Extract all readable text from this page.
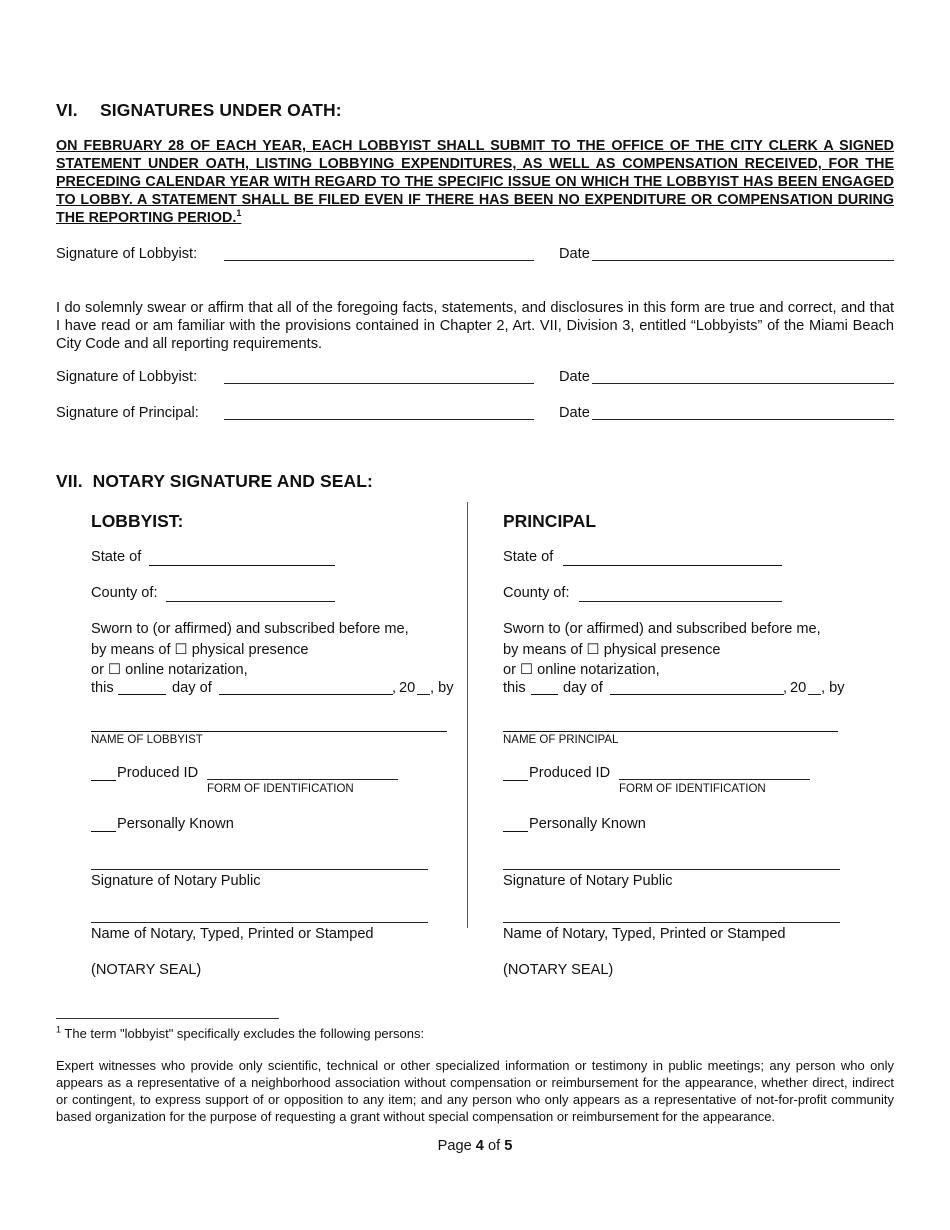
VI. SIGNATURES UNDER OATH:
ON FEBRUARY 28 OF EACH YEAR, EACH LOBBYIST SHALL SUBMIT TO THE OFFICE OF THE CITY CLERK A SIGNED STATEMENT UNDER OATH, LISTING LOBBYING EXPENDITURES, AS WELL AS COMPENSATION RECEIVED, FOR THE PRECEDING CALENDAR YEAR WITH REGARD TO THE SPECIFIC ISSUE ON WHICH THE LOBBYIST HAS BEEN ENGAGED TO LOBBY. A STATEMENT SHALL BE FILED EVEN IF THERE HAS BEEN NO EXPENDITURE OR COMPENSATION DURING THE REPORTING PERIOD.$^1$
Signature of Lobbyist:	Date
I do solemnly swear or affirm that all of the foregoing facts, statements, and disclosures in this form are true and correct, and that I have read or am familiar with the provisions contained in Chapter 2, Art. VII, Division 3, entitled “Lobbyists” of the Miami Beach City Code and all reporting requirements.
Signature of Lobbyist:	Date
Signature of Principal:	Date
VII. NOTARY SIGNATURE AND SEAL:
LOBBYIST:
State of
County of:
Sworn to (or affirmed) and subscribed before me,
by means of ☐ physical presence
or ☐ online notarization,
this	day of	, 20 , by
NAME OF LOBBYIST
Produced ID
FORM OF IDENTIFICATION
Personally Known
Signature of Notary Public
Name of Notary, Typed, Printed or Stamped
(NOTARY SEAL)
PRINCIPAL
State of
County of:
Sworn to (or affirmed) and subscribed before me,
by means of ☐ physical presence
or ☐ online notarization,
this	day of	, 20 , by
NAME OF PRINCIPAL
Produced ID
FORM OF IDENTIFICATION
Personally Known
Signature of Notary Public
Name of Notary, Typed, Printed or Stamped
(NOTARY SEAL)
$^1$ The term "lobbyist" specifically excludes the following persons:
Expert witnesses who provide only scientific, technical or other specialized information or testimony in public meetings; any person who only appears as a representative of a neighborhood association without compensation or reimbursement for the appearance, whether direct, indirect or contingent, to express support of or opposition to any item; and any person who only appears as a representative of not-for-profit community based organization for the purpose of requesting a grant without special compensation or reimbursement for the appearance.
Page 4 of 5
